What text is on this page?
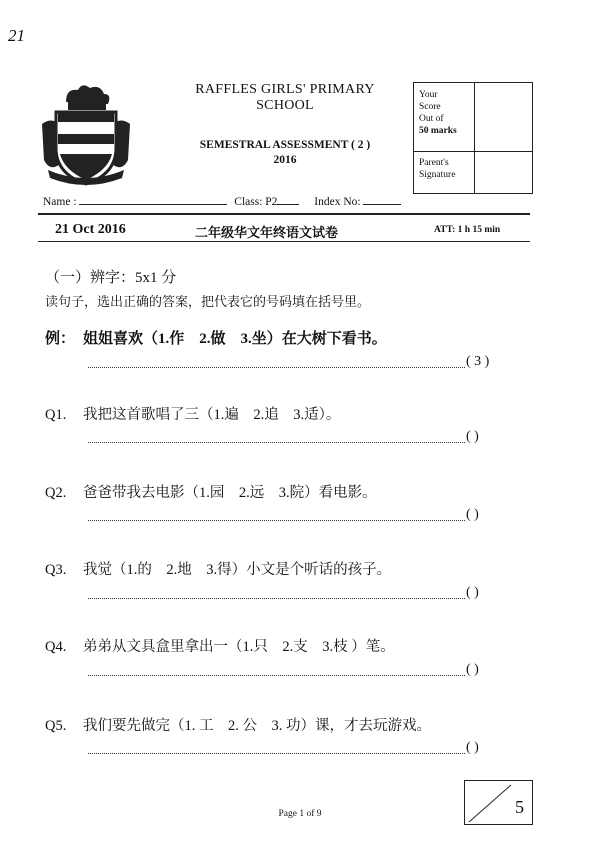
21
RAFFLES GIRLS' PRIMARY
SCHOOL
SEMESTRAL ASSESSMENT ( 2 )
2016
Your
Score
Out of
50 marks
Parent's
Signature
Name :	Class: P2	Index No:
21 Oct 2016	二年级华文年终语文试卷	ATT: 1 h 15 min
（一）辨字：5x1 分
读句子，选出正确的答案，把代表它的号码填在括号里。
例： 姐姐喜欢（1.作　2.做　3.坐）在大树下看书。
( 3 )
Q1. 我把这首歌唱了三（1.遍　2.追　3.适）。
( )
Q2. 爸爸带我去电影（1.园　2.远　3.院）看电影。
( )
Q3. 我觉（1.的　2.地　3.得）小文是个听话的孩子。
( )
Q4. 弟弟从文具盒里拿出一（1.只　2.支　3.枝 ）笔。
( )
Q5. 我们要先做完（1. 工　2. 公　3. 功）课，才去玩游戏。
( )
Page 1 of 9	5
